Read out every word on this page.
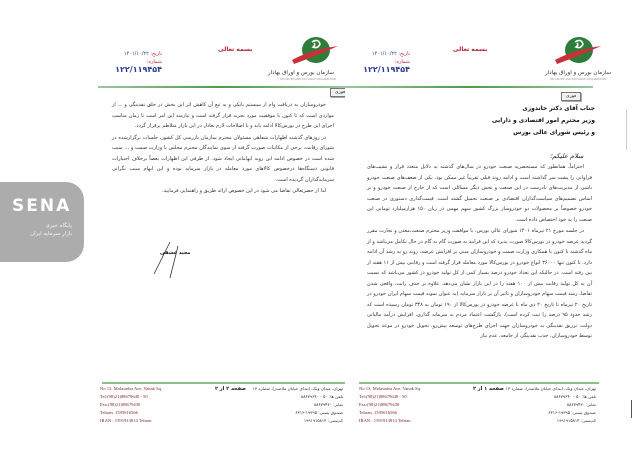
بسمه تعالی
تاریخ: ۱۴۰۱/۱۰/۲۲
شماره: ۱۲۲/۱۱۹۴۵۴	سازمان بورس و اوراق بهادار
SECURITIES AND EXCHANGE ORGANIZATION
فوری

خودروسازان به دریافت وام از سیستم بانکی و به تبع آن کاهش اثر این بخش در خلق نقدینگی و ... از مواردی است که تا کنون با موفقیت مورد تجربه قرار گرفته است و نیازمند این امر است تا زمان مناسب اجرای این طرح در بورس‌کالا ادامه یابد و با اصلاحات لازم تعادل در این بازار متلاطم برقرار گردد.

در روزهای گذشته اظهارات شفاهی مسئولان محترم سازمان بازرسی کل کشور، جلسات برگزارشده در شورای رقابت، برخی از مکاتبات صورت گرفته از سوی نمایندگان محترم مجلس با وزارت صمت و ... سبب شده است در خصوص ادامه این روند ابهاماتی ایجاد شود. از طرفی این اظهارات بعضاً برخلاف اختیارات قانونی دستگاه‌ها درخصوص کالاهای مورد معامله در بازار سرمایه بوده و این ابهام سبب نگرانی سرمایه‌گذاران گردیده است.

لذا از حضرتعالی تقاضا می شود در این خصوص ارائه طریق و راهنمایی فرمایید.

مجید عشقی
No 13, Molasadra Ave, Vanak Sq.
Tel:(98)21)88679640 - 50
Fax:(98)21)88679430
Tehran, 1595616566
IRAN : 1591913814 Tehran
صفحه ۲ از ۲ تهران، میدان ونک، ابتدای خیابان ملاصدرا، شماره ۱۳
تلفن ها: ۵۰ - ۸۸۶۷۹۶۴۰
نمابر: ۸۸۶۷۹۴۳۰
صندوق پستی: ۱۹۳۹۵-۶۳۱۶
کدپستی: ۱۹۹۱۹۱۵۸۱۴
بسمه تعالی
تاریخ: ۱۴۰۱/۱۰/۲۲
شماره: ۱۲۲/۱۱۹۴۵۴	سازمان بورس و اوراق بهادار
SECURITIES AND EXCHANGE ORGANIZATION
فوری
جناب آقای دکتر خاندوزی
وزیر محترم امور اقتصادی و دارایی
و رئیس شورای عالی بورس
سلام علیکم؛

احتراماً، همانطور که مستحضرید صنعت خودرو در سال‌های گذشته به دلایل متعدد فراز و نشیب‌های فراوانی را پشت سر گذاشته است و ادامه روند قبلی تقریباً غیر ممکن بود. یکی از ضعف‌های صنعت خودرو ناشی از مدیریت‌های نادرست در این صنعت و بخش دیگر مسائلی است که از خارج از صنعت خودرو و بر اساس تصمیم‌های سیاست‌گذاران اقتصادی بر صنعت تحمیل گشته است. قیمت‌گذاری دستوری در صنعت خودرو خصوصاً بر محصولات دو خودروساز بزرگ کشور سهم مهمی در زیان ۱۵۰ هزارمیلیارد تومانی این صنعت را به خود اختصاص داده است.

در جلسه مورخ ۲۱ تیرماه ۱۴۰۱ شورای عالی بورس، با موافقت وزیر محترم صنعت،معدن و تجارت مقرر گردید عرضه خودرو در بورس‌کالا صورت پذیرد که این فرایند به صورت گام به گام در حال تکامل می‌باشد و از ماه گذشته تا کنون با همکاری وزارت صمت و خودروسازان مبنی بر افزایش عرضه، روند رو به رشد آن ادامه دارد. تا کنون تنها ۳۶۰۰۰ انواع خودرو در بورس‌کالا مورد معامله قرار گرفته است و رقابتی بیش از ۱۱ هفته از بین رفته است. در حالیکه این تعداد خودرو درصد بسیار کمی از کل تولید خودرو در کشور می‌باشد که نسبت آن به کل تولید رقابت بیش از ۱۰۰ هفته را در این بازار نشان می‌دهد. علاوه بر حذف رانت، واقعی شدن تقاضا، رشد قیمت سهام خودروسازان و تاثیر آن بر بازار سرمایه (به عنوان نمونه قیمت سهام ایران خودرو در تاریخ ۲۰ تیرماه تا تاریخ ۲۰ دی ماه با عرضه خودرو در بورس‌کالا از ۱۹۰ تومان به ۳۴۸ تومان رسیده است که رشد حدود ۹۵ درصد را ثبت کرده است)، بازگشت اعتماد مردم به سرمایه گذاری، افزایش درآمد مالیاتی دولت، تزریق نقدینگی به خودروسازان جهت اجرای طرح‌های توسعه پیش‌رو، تحویل خودرو در موعد تحویل توسط خودروسازان، جذب نقدینگی از جامعه، عدم نیاز

No 13, Molasadra Ave, Vanak Sq.
Tel:(98)21)88679640 - 50
Fax:(98)21)88679430
Tehran, 1595616566
IRAN : 1591913814 Tehran
صفحه ۱ از ۲ تهران، میدان ونک، ابتدای خیابان ملاصدرا، شماره ۱۳
تلفن ها: ۵۰ - ۸۸۶۷۹۶۴۰
نمابر: ۸۸۶۷۹۴۳۰
صندوق پستی: ۱۹۳۹۵-۶۳۱۶
کدپستی: ۱۹۹۱۹۱۵۸۱۴
SENA
پایگاه خبری
بازار سرمایه ایران
